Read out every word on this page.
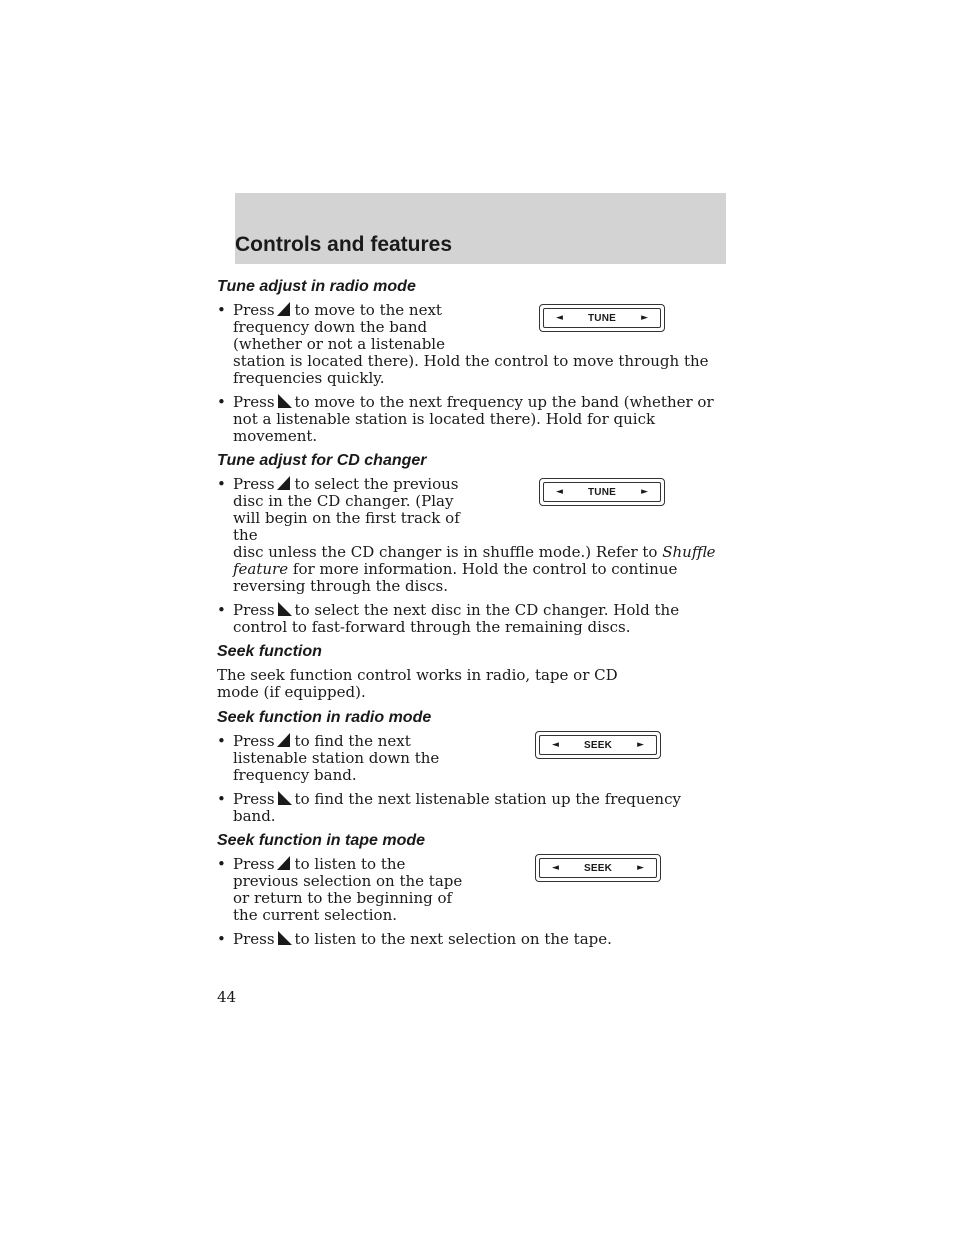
Controls and features
Tune adjust in radio mode
◄	TUNE	►
• Press to move to the next frequency down the band (whether or not a listenable
station is located there). Hold the control to move through the frequencies quickly.
• Press to move to the next frequency up the band (whether or not a listenable station is located there). Hold for quick movement.
Tune adjust for CD changer
◄	TUNE	►
• Press to select the previous disc in the CD changer. (Play will begin on the first track of the
disc unless the CD changer is in shuffle mode.) Refer to Shuffle feature for more information. Hold the control to continue reversing through the discs.
• Press to select the next disc in the CD changer. Hold the control to fast-forward through the remaining discs.
Seek function
The seek function control works in radio, tape or CD mode (if equipped).
Seek function in radio mode
◄	SEEK	►
• Press to find the next listenable station down the frequency band.
• Press to find the next listenable station up the frequency band.
Seek function in tape mode
◄	SEEK	►
• Press to listen to the previous selection on the tape or return to the beginning of the current selection.
• Press to listen to the next selection on the tape.
44
